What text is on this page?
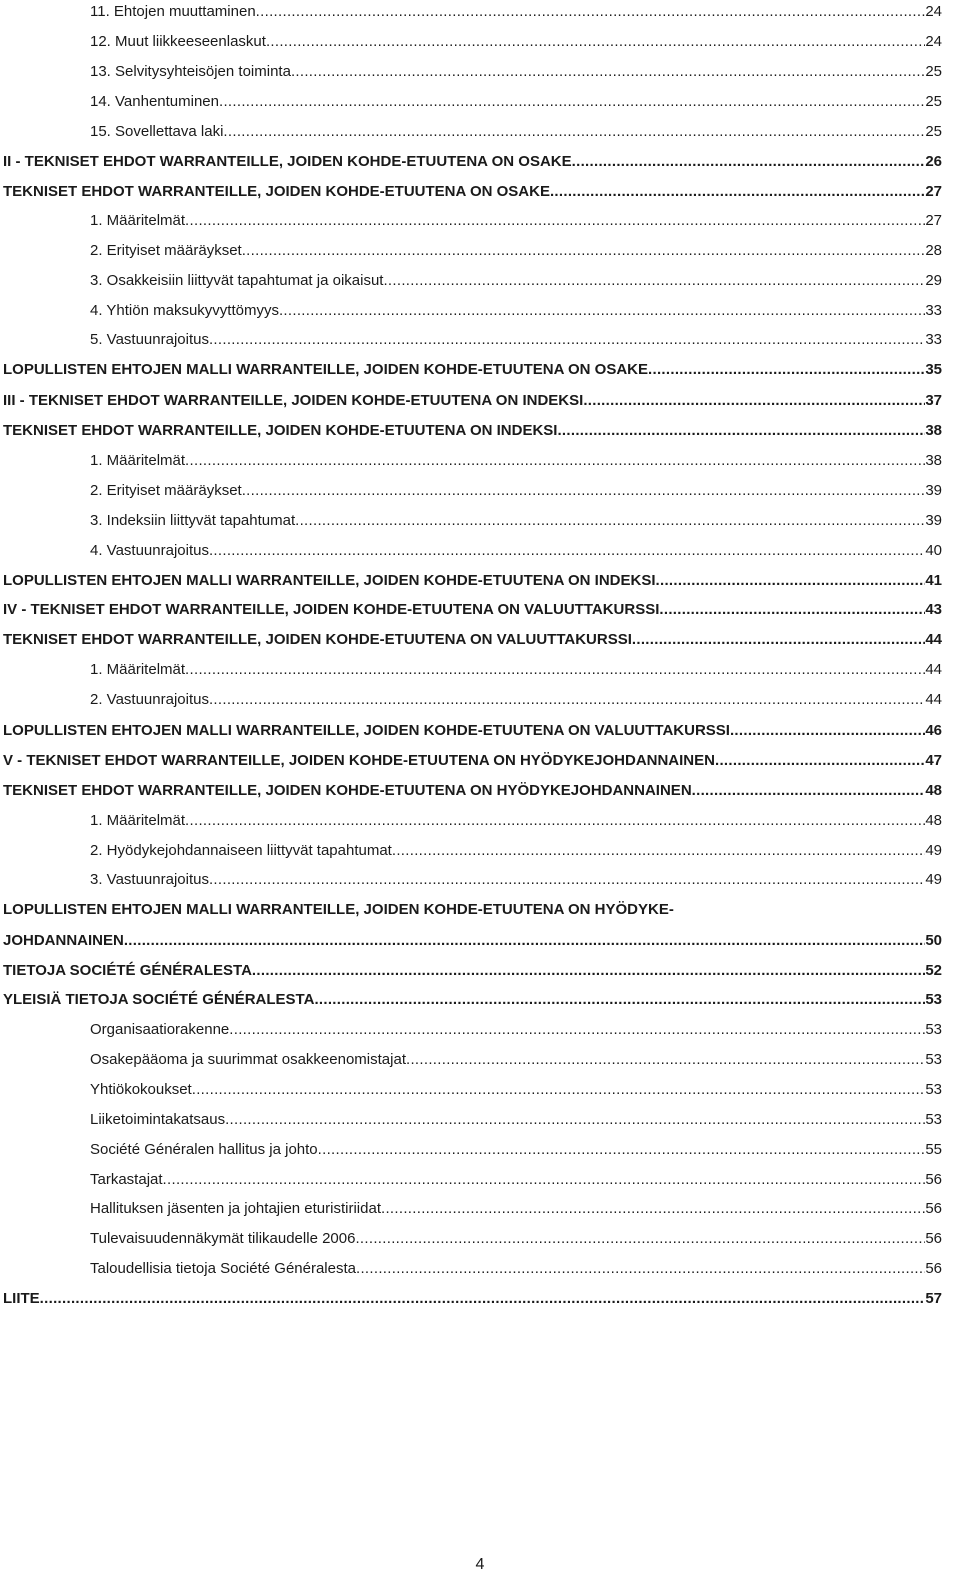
11. Ehtojen muuttaminen .....	24
12. Muut liikkeeseenlaskut .....	24
13. Selvitysyhteisöjen toiminta .....	25
14. Vanhentuminen .....	25
15. Sovellettava laki .....	25
II - TEKNISET EHDOT WARRANTEILLE, JOIDEN KOHDE-ETUUTENA ON OSAKE .....	26
TEKNISET EHDOT WARRANTEILLE, JOIDEN KOHDE-ETUUTENA ON OSAKE .....	27
1. Määritelmät .....	27
2. Erityiset määräykset .....	28
3. Osakkeisiin liittyvät tapahtumat ja oikaisut .....	29
4. Yhtiön maksukyvyttömyys .....	33
5. Vastuunrajoitus .....	33
LOPULLISTEN EHTOJEN MALLI WARRANTEILLE, JOIDEN KOHDE-ETUUTENA ON OSAKE .....	35
III - TEKNISET EHDOT WARRANTEILLE, JOIDEN KOHDE-ETUUTENA ON INDEKSI .....	37
TEKNISET EHDOT WARRANTEILLE, JOIDEN KOHDE-ETUUTENA ON INDEKSI .....	38
1. Määritelmät .....	38
2. Erityiset määräykset .....	39
3. Indeksiin liittyvät tapahtumat .....	39
4. Vastuunrajoitus .....	40
LOPULLISTEN EHTOJEN MALLI WARRANTEILLE, JOIDEN KOHDE-ETUUTENA ON INDEKSI .....	41
IV - TEKNISET EHDOT WARRANTEILLE, JOIDEN KOHDE-ETUUTENA ON VALUUTTAKURSSI .....	43
TEKNISET EHDOT WARRANTEILLE, JOIDEN KOHDE-ETUUTENA ON VALUUTTAKURSSI .....	44
1. Määritelmät .....	44
2. Vastuunrajoitus .....	44
LOPULLISTEN EHTOJEN MALLI WARRANTEILLE, JOIDEN KOHDE-ETUUTENA ON VALUUTTAKURSSI .....	46
V - TEKNISET EHDOT WARRANTEILLE, JOIDEN KOHDE-ETUUTENA ON HYÖDYKEJOHDANNAINEN .....	47
TEKNISET EHDOT WARRANTEILLE, JOIDEN KOHDE-ETUUTENA ON HYÖDYKEJOHDANNAINEN .....	48
1. Määritelmät .....	48
2. Hyödykejohdannaiseen liittyvät tapahtumat .....	49
3. Vastuunrajoitus .....	49
LOPULLISTEN EHTOJEN MALLI WARRANTEILLE, JOIDEN KOHDE-ETUUTENA ON HYÖDYKE-
JOHDANNAINEN .....	50
TIETOJA SOCIÉTÉ GÉNÉRALESTA .....	52
YLEISIÄ TIETOJA SOCIÉTÉ GÉNÉRALESTA .....	53
Organisaatiorakenne .....	53
Osakepääoma ja suurimmat osakkeenomistajat .....	53
Yhtiökokoukset .....	53
Liiketoimintakatsaus .....	53
Société Généralen hallitus ja johto .....	55
Tarkastajat .....	56
Hallituksen jäsenten ja johtajien eturistiriidat .....	56
Tulevaisuudennäkymät tilikaudelle 2006 .....	56
Taloudellisia tietoja Société Généralesta .....	56
LIITE .....	57
4
